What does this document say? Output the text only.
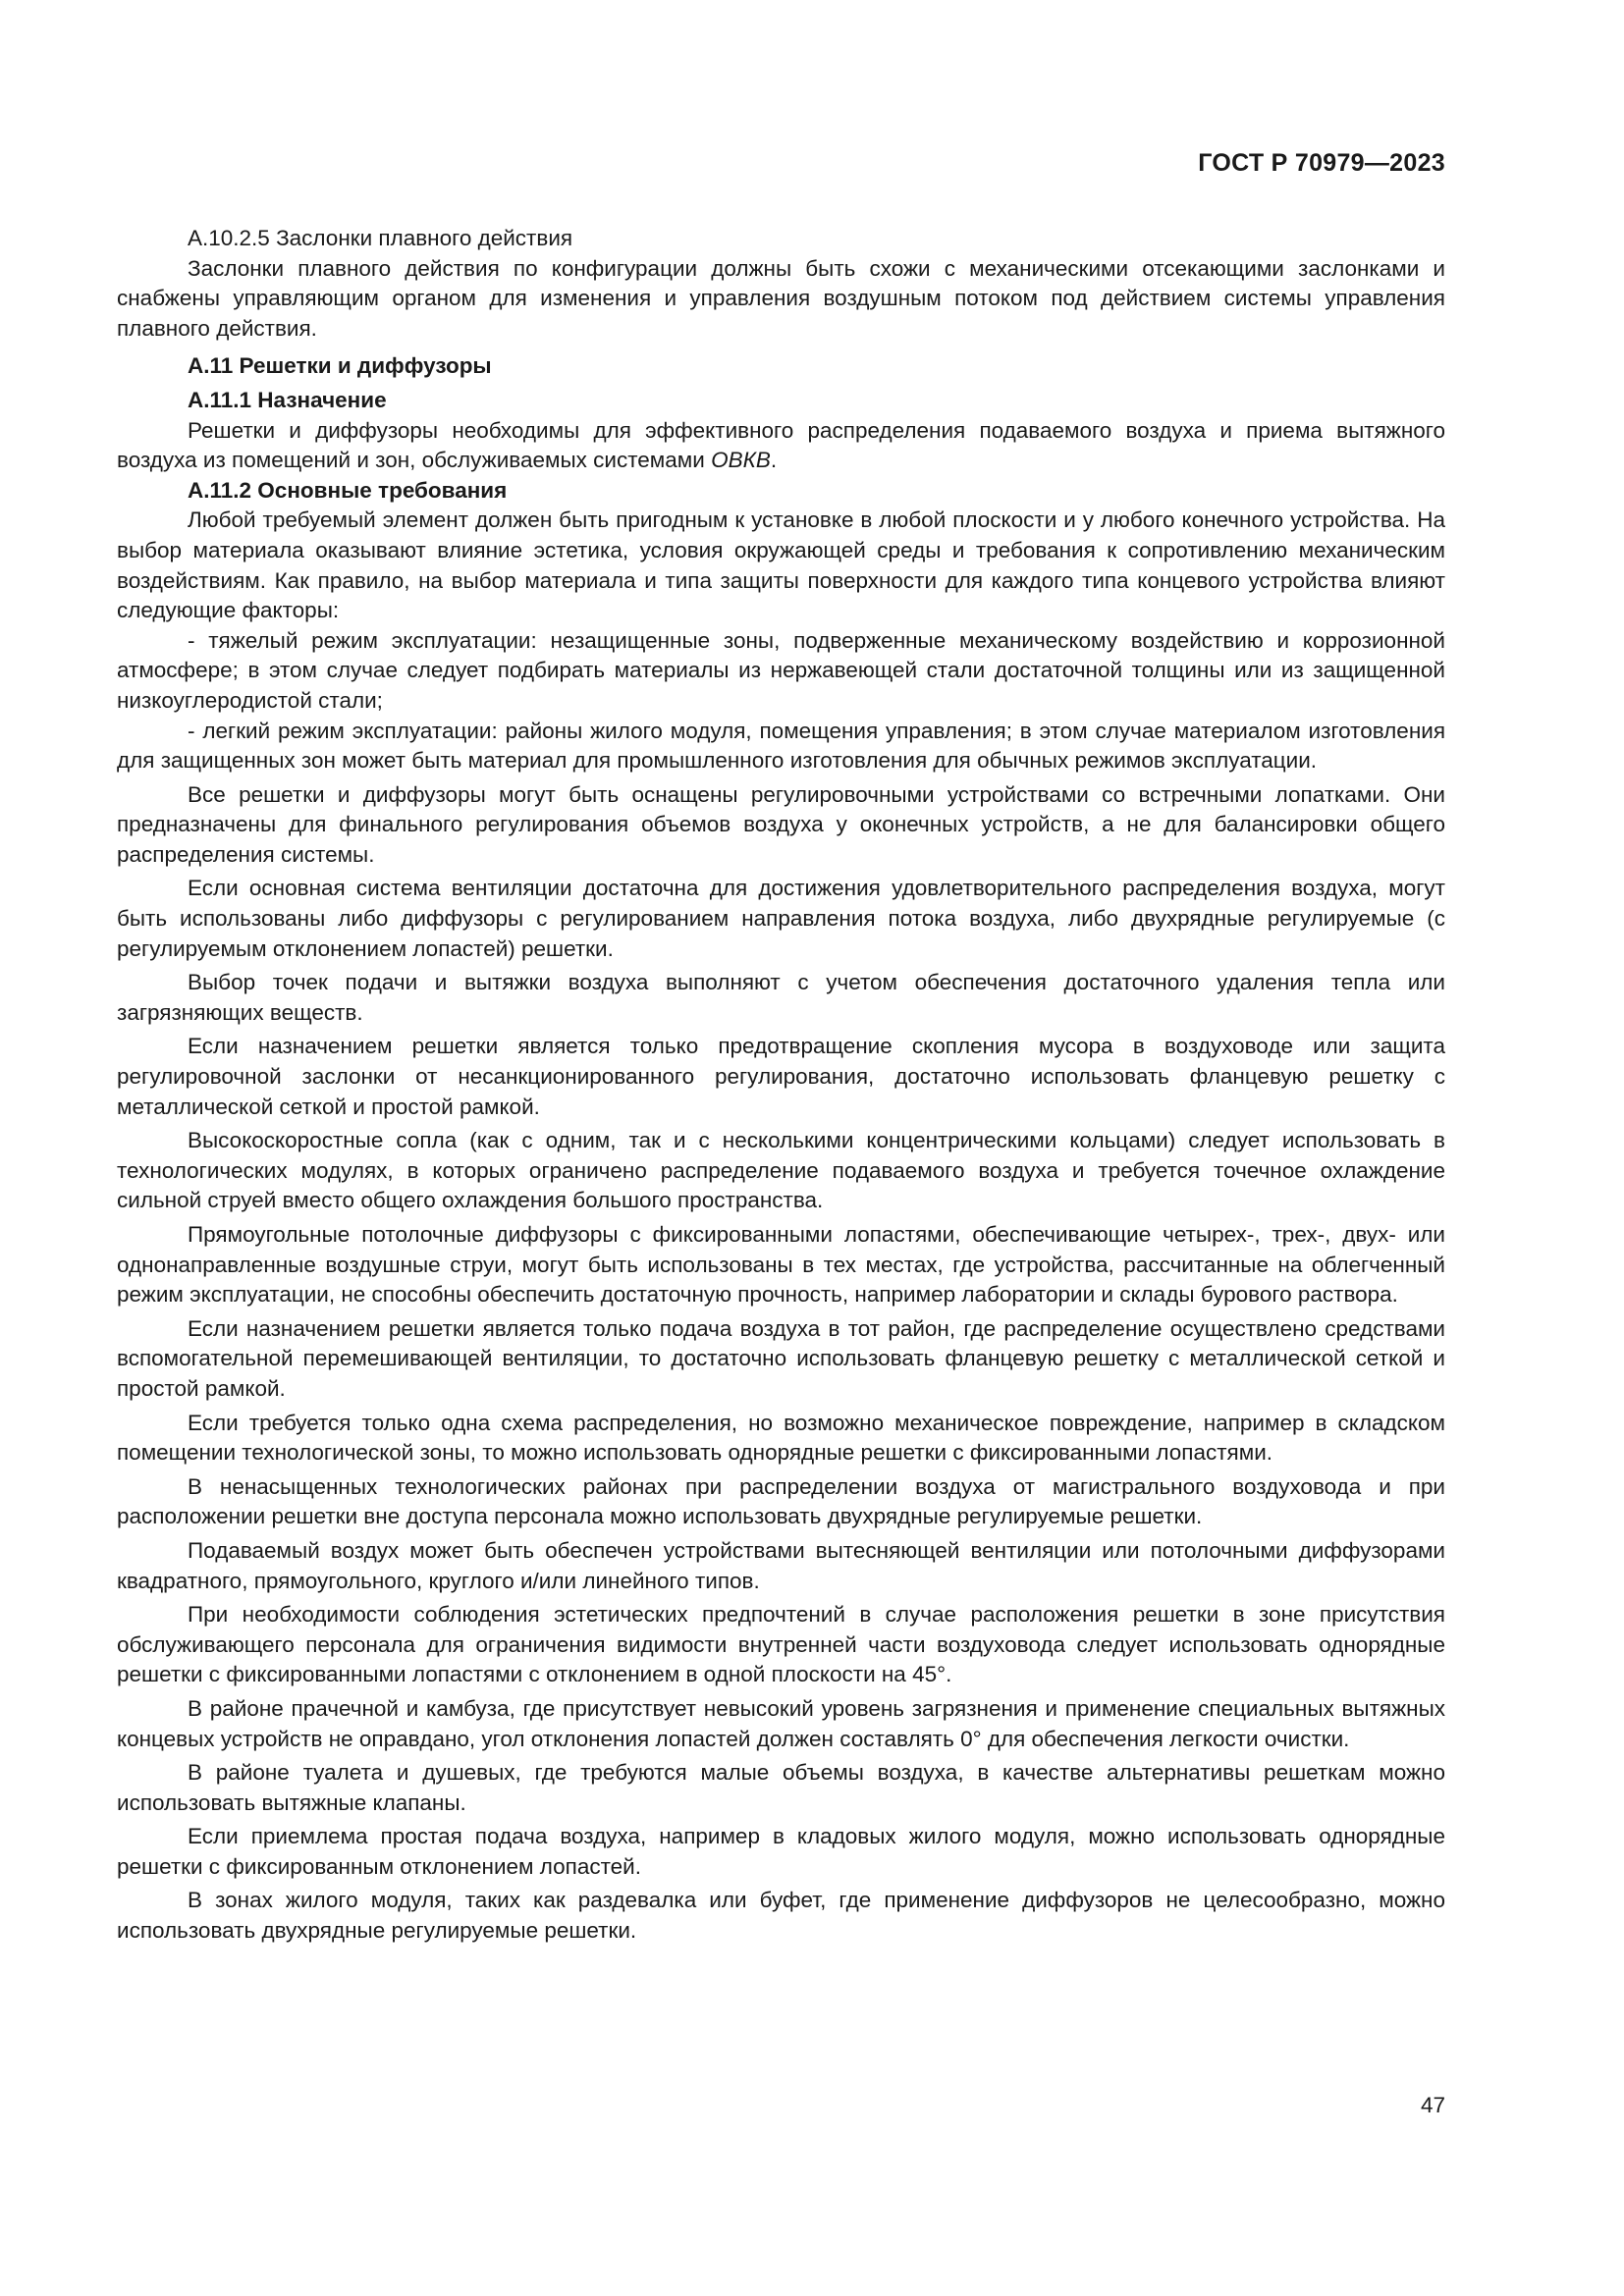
ГОСТ Р 70979—2023

А.10.2.5 Заслонки плавного действия

Заслонки плавного действия по конфигурации должны быть схожи с механическими отсекающими заслонками и снабжены управляющим органом для изменения и управления воздушным потоком под действием системы управления плавного действия.

А.11 Решетки и диффузоры

А.11.1 Назначение

Решетки и диффузоры необходимы для эффективного распределения подаваемого воздуха и приема вытяжного воздуха из помещений и зон, обслуживаемых системами ОВКВ.

А.11.2 Основные требования

Любой требуемый элемент должен быть пригодным к установке в любой плоскости и у любого конечного устройства. На выбор материала оказывают влияние эстетика, условия окружающей среды и требования к сопротивлению механическим воздействиям. Как правило, на выбор материала и типа защиты поверхности для каждого типа концевого устройства влияют следующие факторы:

- тяжелый режим эксплуатации: незащищенные зоны, подверженные механическому воздействию и коррозионной атмосфере; в этом случае следует подбирать материалы из нержавеющей стали достаточной толщины или из защищенной низкоуглеродистой стали;

- легкий режим эксплуатации: районы жилого модуля, помещения управления; в этом случае материалом изготовления для защищенных зон может быть материал для промышленного изготовления для обычных режимов эксплуатации.

Все решетки и диффузоры могут быть оснащены регулировочными устройствами со встречными лопатками. Они предназначены для финального регулирования объемов воздуха у оконечных устройств, а не для балансировки общего распределения системы.

Если основная система вентиляции достаточна для достижения удовлетворительного распределения воздуха, могут быть использованы либо диффузоры с регулированием направления потока воздуха, либо двухрядные регулируемые (с регулируемым отклонением лопастей) решетки.

Выбор точек подачи и вытяжки воздуха выполняют с учетом обеспечения достаточного удаления тепла или загрязняющих веществ.

Если назначением решетки является только предотвращение скопления мусора в воздуховоде или защита регулировочной заслонки от несанкционированного регулирования, достаточно использовать фланцевую решетку с металлической сеткой и простой рамкой.

Высокоскоростные сопла (как с одним, так и с несколькими концентрическими кольцами) следует использовать в технологических модулях, в которых ограничено распределение подаваемого воздуха и требуется точечное охлаждение сильной струей вместо общего охлаждения большого пространства.

Прямоугольные потолочные диффузоры с фиксированными лопастями, обеспечивающие четырех-, трех-, двух- или однонаправленные воздушные струи, могут быть использованы в тех местах, где устройства, рассчитанные на облегченный режим эксплуатации, не способны обеспечить достаточную прочность, например лаборатории и склады бурового раствора.

Если назначением решетки является только подача воздуха в тот район, где распределение осуществлено средствами вспомогательной перемешивающей вентиляции, то достаточно использовать фланцевую решетку с металлической сеткой и простой рамкой.

Если требуется только одна схема распределения, но возможно механическое повреждение, например в складском помещении технологической зоны, то можно использовать однорядные решетки с фиксированными лопастями.

В ненасыщенных технологических районах при распределении воздуха от магистрального воздуховода и при расположении решетки вне доступа персонала можно использовать двухрядные регулируемые решетки.

Подаваемый воздух может быть обеспечен устройствами вытесняющей вентиляции или потолочными диффузорами квадратного, прямоугольного, круглого и/или линейного типов.

При необходимости соблюдения эстетических предпочтений в случае расположения решетки в зоне присутствия обслуживающего персонала для ограничения видимости внутренней части воздуховода следует использовать однорядные решетки с фиксированными лопастями с отклонением в одной плоскости на 45°.

В районе прачечной и камбуза, где присутствует невысокий уровень загрязнения и применение специальных вытяжных концевых устройств не оправдано, угол отклонения лопастей должен составлять 0° для обеспечения легкости очистки.

В районе туалета и душевых, где требуются малые объемы воздуха, в качестве альтернативы решеткам можно использовать вытяжные клапаны.

Если приемлема простая подача воздуха, например в кладовых жилого модуля, можно использовать однорядные решетки с фиксированным отклонением лопастей.

В зонах жилого модуля, таких как раздевалка или буфет, где применение диффузоров не целесообразно, можно использовать двухрядные регулируемые решетки.

47
